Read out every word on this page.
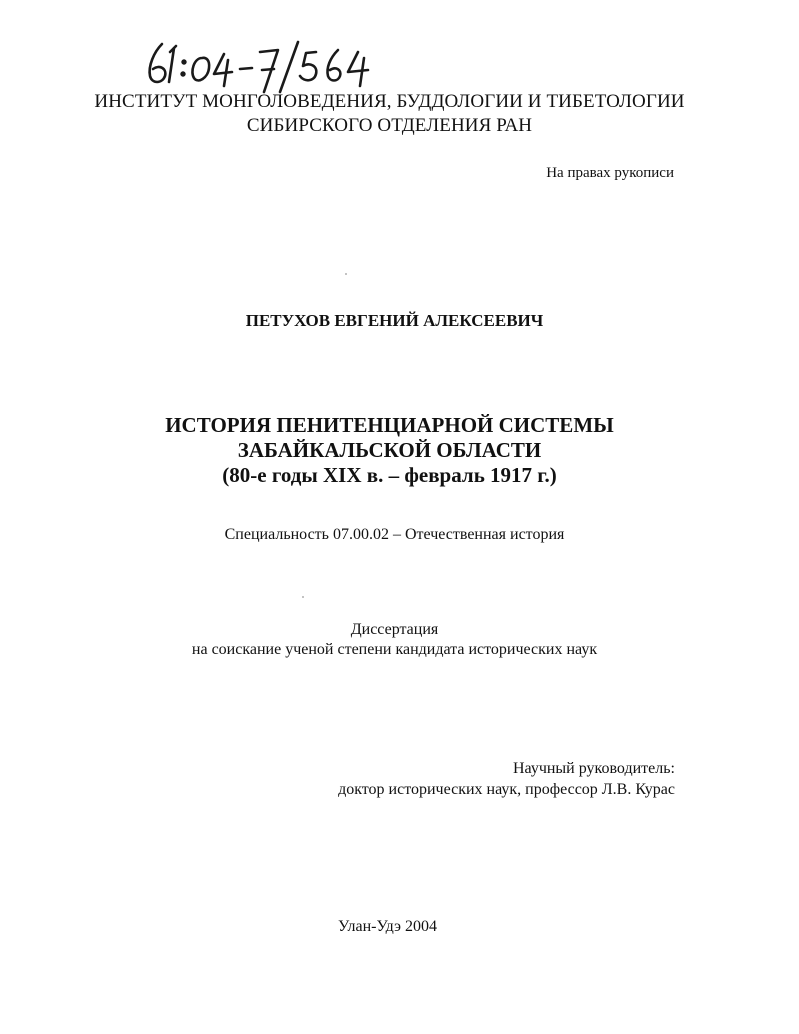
ИНСТИТУТ МОНГОЛОВЕДЕНИЯ, БУДДОЛОГИИ И ТИБЕТОЛОГИИ
СИБИРСКОГО ОТДЕЛЕНИЯ РАН
На правах рукописи
ПЕТУХОВ ЕВГЕНИЙ АЛЕКСЕЕВИЧ
ИСТОРИЯ ПЕНИТЕНЦИАРНОЙ СИСТЕМЫ
ЗАБАЙКАЛЬСКОЙ ОБЛАСТИ
(80-е годы XIX в. – февраль 1917 г.)
Специальность 07.00.02 – Отечественная история
Диссертация
на соискание ученой степени кандидата исторических наук
Научный руководитель:
доктор исторических наук, профессор Л.В. Курас
Улан-Удэ 2004
